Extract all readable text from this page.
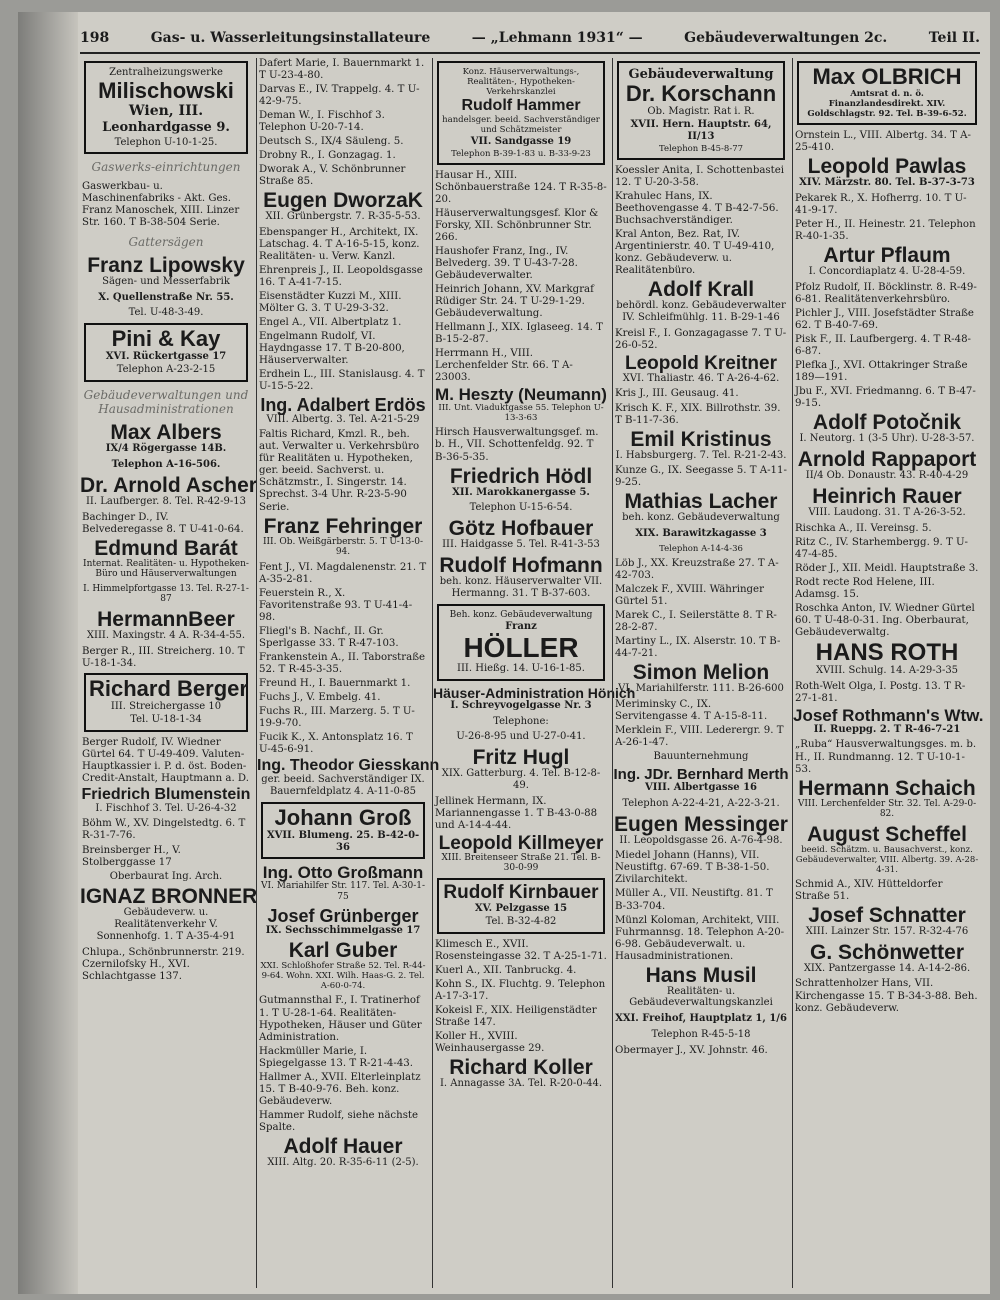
198	Gas- u. Wasserleitungsinstallateure	— „Lehmann 1931“ —	Gebäudeverwaltungen 2c.	Teil II.
Zentralheizungswerke
Milischowski
Wien, III.
Leonhardgasse 9.
Telephon U-10-1-25.
Gaswerks-einrichtungen
Gaswerkbau- u. Maschinenfabriks - Akt. Ges. Franz Manoschek, XIII. Linzer Str. 160. T B-38-504 Serie.
Gattersägen
Franz Lipowsky
Sägen- und Messerfabrik
X. Quellenstraße Nr. 55.
Tel. U-48-3-49.
Pini & Kay
XVI. Rückertgasse 17
Telephon A-23-2-15
Gebäudeverwaltungen und Hausadministrationen
Max Albers
IX/4 Rögergasse 14B.
Telephon A-16-506.
Dr. Arnold Ascher
II. Laufberger. 8. Tel. R-42-9-13
Bachinger D., IV. Belvederegasse 8. T U-41-0-64.
Edmund Barát
Internat. Realitäten- u. Hypotheken-Büro und Häuserverwaltungen
I. Himmelpfortgasse 13. Tel. R-27-1-87
HermannBeer
XIII. Maxingstr. 4 A. R-34-4-55.
Berger R., III. Streicherg. 10. T U-18-1-34.
Richard Berger
III. Streichergasse 10
Tel. U-18-1-34
Berger Rudolf, IV. Wiedner Gürtel 64. T U-49-409. Valuten-Hauptkassier i. P. d. öst. Boden-Credit-Anstalt, Hauptmann a. D.
Friedrich Blumenstein
I. Fischhof 3. Tel. U-26-4-32
Böhm W., XV. Dingelstedtg. 6. T R-31-7-76.
Breinsberger H., V. Stolberggasse 17
Oberbaurat Ing. Arch.
IGNAZ BRONNER
Gebäudeverw. u. Realitätenverkehr V. Sonnenhofg. 1. T A-35-4-91
Chlupa., Schönbrunnerstr. 219. Czernilofsky H., XVI. Schlachtgasse 137.
Dafert Marie, I. Bauernmarkt 1. T U-23-4-80.
Darvas E., IV. Trappelg. 4. T U-42-9-75.
Deman W., I. Fischhof 3. Telephon U-20-7-14.
Deutsch S., IX/4 Säuleng. 5.
Drobny R., I. Gonzagag. 1.
Dworak A., V. Schönbrunner Straße 85.
Eugen DworzaK
XII. Grünbergstr. 7. R-35-5-53.
Ebenspanger H., Architekt, IX. Latschag. 4. T A-16-5-15, konz. Realitäten- u. Verw. Kanzl.
Ehrenpreis J., II. Leopoldsgasse 16. T A-41-7-15.
Eisenstädter Kuzzi M., XIII. Mölter G. 3. T U-29-3-32.
Engel A., VII. Albertplatz 1.
Engelmann Rudolf, VI. Haydngasse 17. T B-20-800, Häuserverwalter.
Erdhein L., III. Stanislausg. 4. T U-15-5-22.
Ing. Adalbert Erdös
VIII. Albertg. 3. Tel. A-21-5-29
Faltis Richard, Kmzl. R., beh. aut. Verwalter u. Verkehrsbüro für Realitäten u. Hypotheken, ger. beeid. Sachverst. u. Schätzmstr., I. Singerstr. 14. Sprechst. 3-4 Uhr. R-23-5-90 Serie.
Franz Fehringer
III. Ob. Weißgärberstr. 5. T U-13-0-94.
Fent J., VI. Magdalenenstr. 21. T A-35-2-81.
Feuerstein R., X. Favoritenstraße 93. T U-41-4-98.
Fliegl's B. Nachf., II. Gr. Sperlgasse 33. T R-47-103.
Frankenstein A., II. Taborstraße 52. T R-45-3-35.
Freund H., I. Bauernmarkt 1.
Fuchs J., V. Embelg. 41.
Fuchs R., III. Marzerg. 5. T U-19-9-70.
Fucik K., X. Antonsplatz 16. T U-45-6-91.
Ing. Theodor Giesskann
ger. beeid. Sachverständiger IX. Bauernfeldplatz 4. A-11-0-85
Johann Groß
XVII. Blumeng. 25. B-42-0-36
Ing. Otto Großmann
VI. Mariahilfer Str. 117. Tel. A-30-1-75
Josef Grünberger
IX. Sechsschimmelgasse 17
Karl Guber
XXI. Schloßhofer Straße 52. Tel. R-44-9-64. Wohn. XXI. Wilh. Haas-G. 2. Tel. A-60-0-74.
Gutmannsthal F., I. Tratinerhof 1. T U-28-1-64. Realitäten-Hypotheken, Häuser und Güter Administration.
Hackmüller Marie, I. Spiegelgasse 13. T R-21-4-43.
Hallmer A., XVII. Elterleinplatz 15. T B-40-9-76. Beh. konz. Gebäudeverw.
Hammer Rudolf, siehe nächste Spalte.
Adolf Hauer
XIII. Altg. 20. R-35-6-11 (2-5).
Konz. Häuserverwaltungs-, Realitäten-, Hypotheken-Verkehrskanzlei
Rudolf Hammer
handelsger. beeid. Sachverständiger und Schätzmeister
VII. Sandgasse 19
Telephon B-39-1-83 u. B-33-9-23
Hausar H., XIII. Schönbauerstraße 124. T R-35-8-20.
Häuserverwaltungsgesf. Klor & Forsky, XII. Schönbrunner Str. 266.
Haushofer Franz, Ing., IV. Belvederg. 39. T U-43-7-28. Gebäudeverwalter.
Heinrich Johann, XV. Markgraf Rüdiger Str. 24. T U-29-1-29. Gebäudeverwaltung.
Hellmann J., XIX. Iglaseeg. 14. T B-15-2-87.
Herrmann H., VIII. Lerchenfelder Str. 66. T A-23003.
M. Heszty (Neumann)
III. Unt. Viaduktgasse 55. Telephon U-13-3-63
Hirsch Hausverwaltungsgef. m. b. H., VII. Schottenfeldg. 92. T B-36-5-35.
Friedrich Hödl
XII. Marokkanergasse 5.
Telephon U-15-6-54.
Götz Hofbauer
III. Haidgasse 5. Tel. R-41-3-53
Rudolf Hofmann
beh. konz. Häuserverwalter VII. Hermanng. 31. T B-37-603.
Beh. konz. Gebäudeverwaltung
Franz
HÖLLER
III. Hießg. 14. U-16-1-85.
Häuser-Administration Hönich
I. Schreyvogelgasse Nr. 3
Telephone:
U-26-8-95 und U-27-0-41.
Fritz Hugl
XIX. Gatterburg. 4. Tel. B-12-8-49.
Jellinek Hermann, IX. Mariannengasse 1. T B-43-0-88 und A-14-4-44.
Leopold Killmeyer
XIII. Breitenseer Straße 21. Tel. B-30-0-99
Rudolf Kirnbauer
XV. Pelzgasse 15
Tel. B-32-4-82
Klimesch E., XVII. Rosensteingasse 32. T A-25-1-71.
Kuerl A., XII. Tanbruckg. 4.
Kohn S., IX. Fluchtg. 9. Telephon A-17-3-17.
Kokeisl F., XIX. Heiligenstädter Straße 147.
Koller H., XVIII. Weinhausergasse 29.
Richard Koller
I. Annagasse 3A. Tel. R-20-0-44.
Gebäudeverwaltung
Dr. Korschann
Ob. Magistr. Rat i. R.
XVII. Hern. Hauptstr. 64, II/13
Telephon B-45-8-77
Koessler Anita, I. Schottenbastei 12. T U-20-3-58.
Krahulec Hans, IX. Beethovengasse 4. T B-42-7-56. Buchsachverständiger.
Kral Anton, Bez. Rat, IV. Argentinierstr. 40. T U-49-410, konz. Gebäudeverw. u. Realitätenbüro.
Adolf Krall
behördl. konz. Gebäudeverwalter IV. Schleifmühlg. 11. B-29-1-46
Kreisl F., I. Gonzagagasse 7. T U-26-0-52.
Leopold Kreitner
XVI. Thaliastr. 46. T A-26-4-62.
Kris J., III. Geusaug. 41.
Krisch K. F., XIX. Billrothstr. 39. T B-11-7-36.
Emil Kristinus
I. Habsburgerg. 7. Tel. R-21-2-43.
Kunze G., IX. Seegasse 5. T A-11-9-25.
Mathias Lacher
beh. konz. Gebäudeverwaltung
XIX. Barawitzkagasse 3
Telephon A-14-4-36
Löb J., XX. Kreuzstraße 27. T A-42-703.
Malczek F., XVIII. Währinger Gürtel 51.
Marek C., I. Seilerstätte 8. T R-28-2-87.
Martiny L., IX. Alserstr. 10. T B-44-7-21.
Simon Melion
VI. Mariahilferstr. 111. B-26-600
Meriminsky C., IX. Servitengasse 4. T A-15-8-11.
Merklein F., VIII. Lederergr. 9. T A-26-1-47.
Bauunternehmung
Ing. JDr. Bernhard Merth
VIII. Albertgasse 16
Telephon A-22-4-21, A-22-3-21.
Eugen Messinger
II. Leopoldsgasse 26. A-76-4-98.
Miedel Johann (Hanns), VII. Neustiftg. 67-69. T B-38-1-50. Zivilarchitekt.
Müller A., VII. Neustiftg. 81. T B-33-704.
Münzl Koloman, Architekt, VIII. Fuhrmannsg. 18. Telephon A-20-6-98. Gebäudeverwalt. u. Hausadministrationen.
Hans Musil
Realitäten- u. Gebäudeverwaltungskanzlei
XXI. Freihof, Hauptplatz 1, 1/6
Telephon R-45-5-18
Obermayer J., XV. Johnstr. 46.
Max OLBRICH
Amtsrat d. n. ö. Finanzlandesdirekt. XIV. Goldschlagstr. 92. Tel. B-39-6-52.
Ornstein L., VIII. Albertg. 34. T A-25-410.
Leopold Pawlas
XIV. Märzstr. 80. Tel. B-37-3-73
Pekarek R., X. Hofherrg. 10. T U-41-9-17.
Peter H., II. Heinestr. 21. Telephon R-40-1-35.
Artur Pflaum
I. Concordiaplatz 4. U-28-4-59.
Pfolz Rudolf, II. Böcklinstr. 8. R-49-6-81. Realitätenverkehrsbüro.
Pichler J., VIII. Josefstädter Straße 62. T B-40-7-69.
Pisk F., II. Laufbergerg. 4. T R-48-6-87.
Plefka J., XVI. Ottakringer Straße 189—191.
Jbu F., XVI. Friedmanng. 6. T B-47-9-15.
Adolf Potočnik
I. Neutorg. 1 (3-5 Uhr). U-28-3-57.
Arnold Rappaport
II/4 Ob. Donaustr. 43. R-40-4-29
Heinrich Rauer
VIII. Laudong. 31. T A-26-3-52.
Rischka A., II. Vereinsg. 5.
Ritz C., IV. Starhembergg. 9. T U-47-4-85.
Röder J., XII. Meidl. Hauptstraße 3.
Rodt recte Rod Helene, III. Adamsg. 15.
Roschka Anton, IV. Wiedner Gürtel 60. T U-48-0-31. Ing. Oberbaurat, Gebäudeverwaltg.
HANS ROTH
XVIII. Schulg. 14. A-29-3-35
Roth-Welt Olga, I. Postg. 13. T R-27-1-81.
Josef Rothmann's Wtw.
II. Rueppg. 2. T R-46-7-21
„Ruba“ Hausverwaltungsges. m. b. H., II. Rundmanng. 12. T U-10-1-53.
Hermann Schaich
VIII. Lerchenfelder Str. 32. Tel. A-29-0-82.
August Scheffel
beeid. Schätzm. u. Bausachverst., konz. Gebäudeverwalter, VIII. Albertg. 39. A-28-4-31.
Schmid A., XIV. Hütteldorfer Straße 51.
Josef Schnatter
XIII. Lainzer Str. 157. R-32-4-76
G. Schönwetter
XIX. Pantzergasse 14. A-14-2-86.
Schrattenholzer Hans, VII. Kirchengasse 15. T B-34-3-88. Beh. konz. Gebäudeverw.
